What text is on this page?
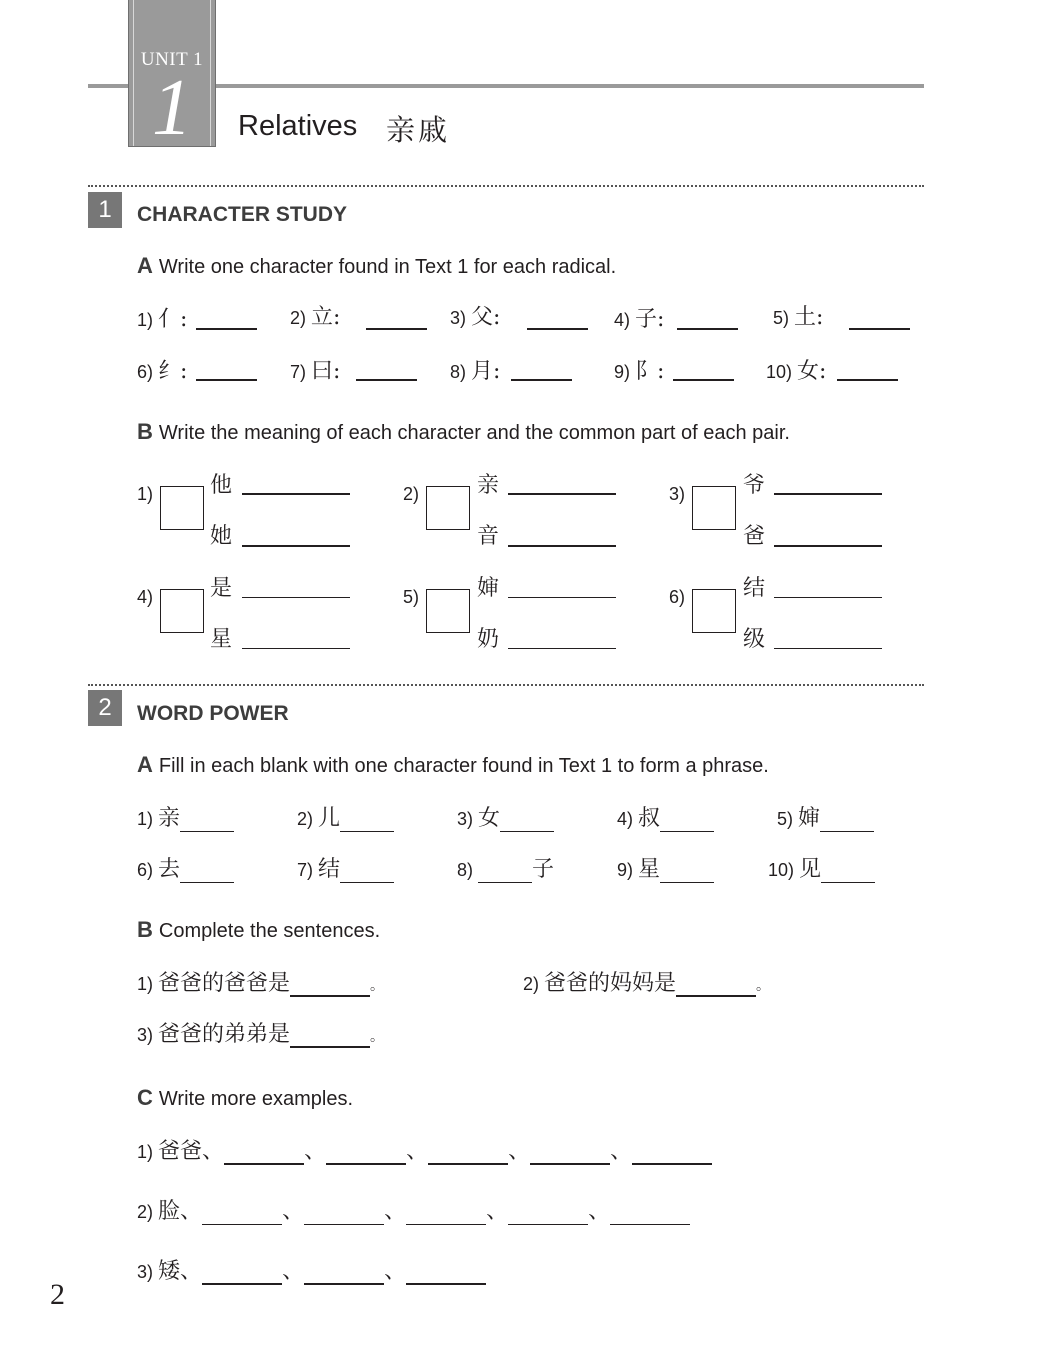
UNIT 1
1	Relatives 亲戚
1	CHARACTER STUDY
A Write one character found in Text 1 for each radical.
1) 亻:	2) 立:	3) 父:	4) 子:	5) 土:
6) 纟:	7) 曰:	8) 月:	9) 阝:	10) 女:
B Write the meaning of each character and the common part of each pair.
1)	他
她
2)	亲
音
3)	爷
爸
4)	是
星
5)	婶
奶
6)	结
级
2	WORD POWER
A Fill in each blank with one character found in Text 1 to form a phrase.
1) 亲	2) 儿	3) 女	4) 叔	5) 婶
6) 去	7) 结	8)	子	9) 星	10) 见
B Complete the sentences.
1) 爸爸的爸爸是	。	2) 爸爸的妈妈是	。
3) 爸爸的弟弟是	。
C Write more examples.
1) 爸爸、	、	、	、	、
2) 脸、	、	、	、	、
3) 矮、	、	、
2
